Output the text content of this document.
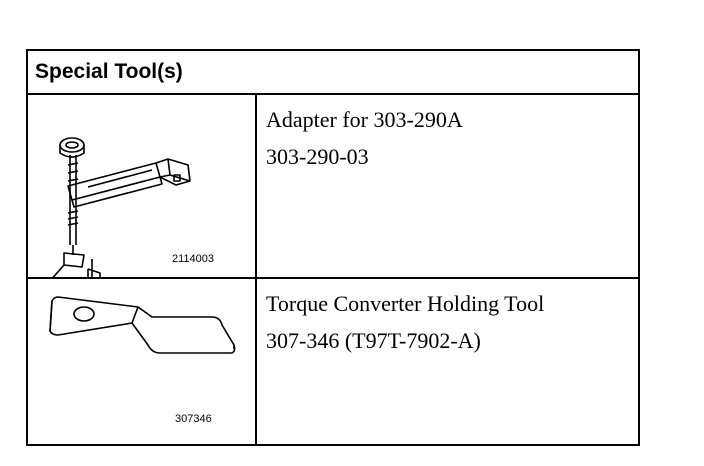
Special Tool(s)
2114003
Adapter for 303-290A
303-290-03
307346
Torque Converter Holding Tool
307-346 (T97T-7902-A)
